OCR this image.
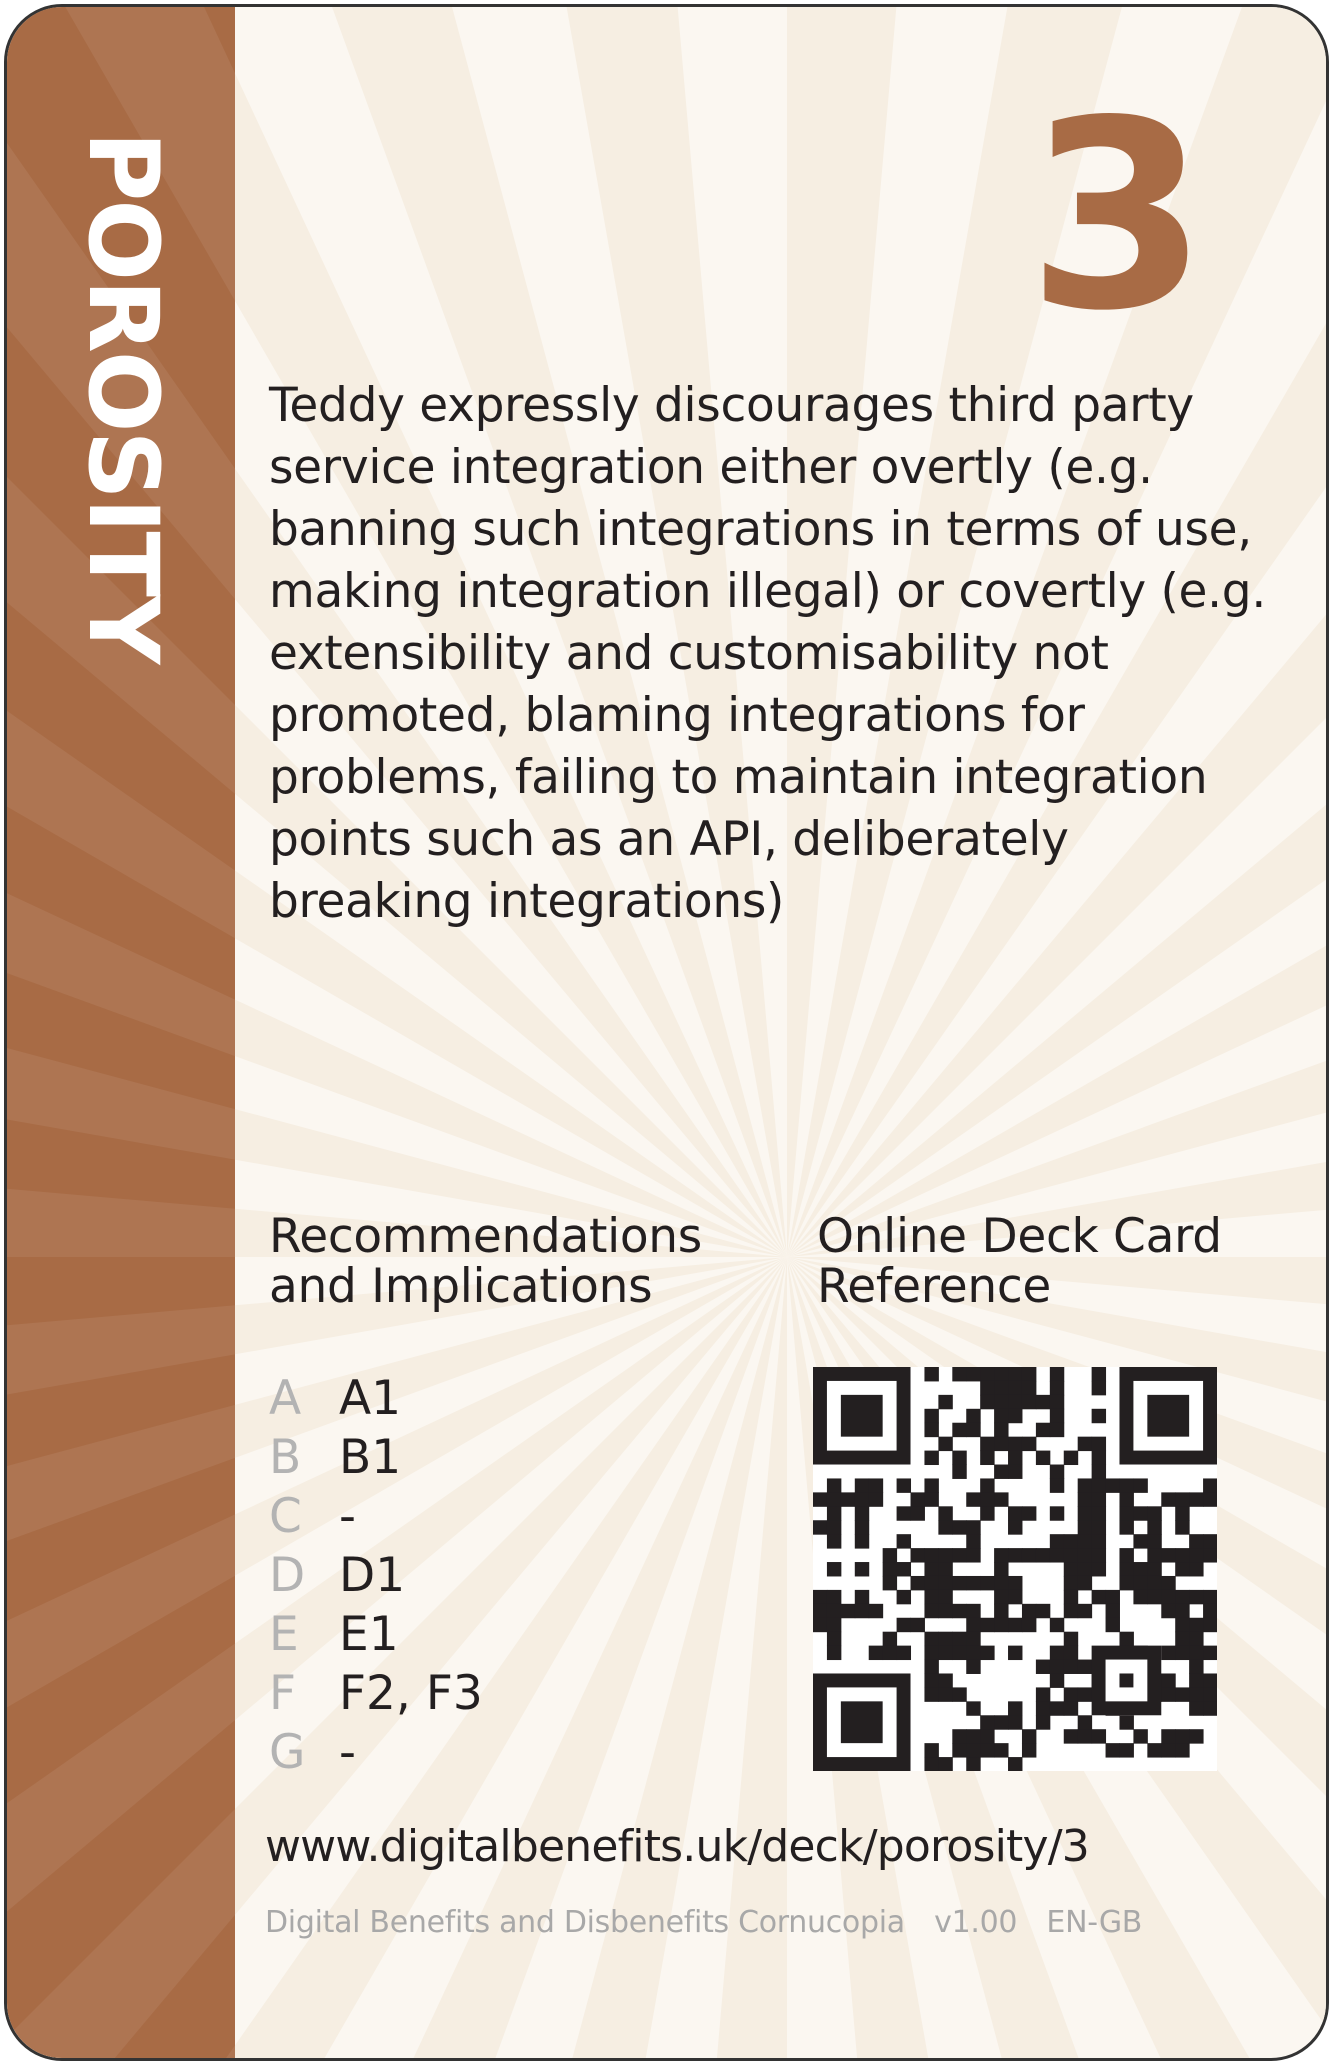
POROSITY	3
Teddy expressly discourages third party service integration either overtly (e.g. banning such integrations in terms of use, making integration illegal) or covertly (e.g. extensibility and customisability not promoted, blaming integrations for problems, failing to maintain integration points such as an API, deliberately breaking integrations)
Recommendations and Implications
Online Deck Card Reference
A A1
B B1
C -
D D1
E E1
F F2, F3
G -
www.digitalbenefits.uk/deck/porosity/3
Digital Benefits and Disbenefits Cornucopia v1.00 EN-GB
